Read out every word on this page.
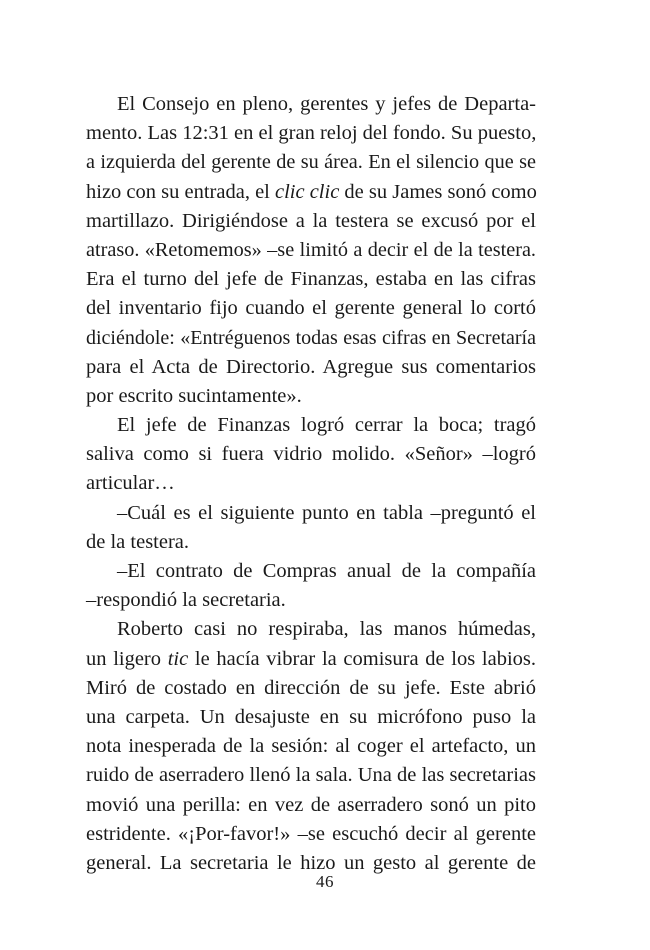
El Consejo en pleno, gerentes y jefes de Departa-
mento. Las 12:31 en el gran reloj del fondo. Su puesto,
a izquierda del gerente de su área. En el silencio que se
hizo con su entrada, el clic clic de su James sonó como
martillazo. Dirigiéndose a la testera se excusó por el
atraso. «Retomemos» –se limitó a decir el de la testera.
Era el turno del jefe de Finanzas, estaba en las cifras
del inventario fijo cuando el gerente general lo cortó
diciéndole: «Entréguenos todas esas cifras en Secretaría
para el Acta de Directorio. Agregue sus comentarios
por escrito sucintamente».
El jefe de Finanzas logró cerrar la boca; tragó
saliva como si fuera vidrio molido. «Señor» –logró
articular…
–Cuál es el siguiente punto en tabla –preguntó el
de la testera.
–El contrato de Compras anual de la compañía
–respondió la secretaria.
Roberto casi no respiraba, las manos húmedas,
un ligero tic le hacía vibrar la comisura de los labios.
Miró de costado en dirección de su jefe. Este abrió
una carpeta. Un desajuste en su micrófono puso la
nota inesperada de la sesión: al coger el artefacto, un
ruido de aserradero llenó la sala. Una de las secretarias
movió una perilla: en vez de aserradero sonó un pito
estridente. «¡Por-favor!» –se escuchó decir al gerente
general. La secretaria le hizo un gesto al gerente de
46
